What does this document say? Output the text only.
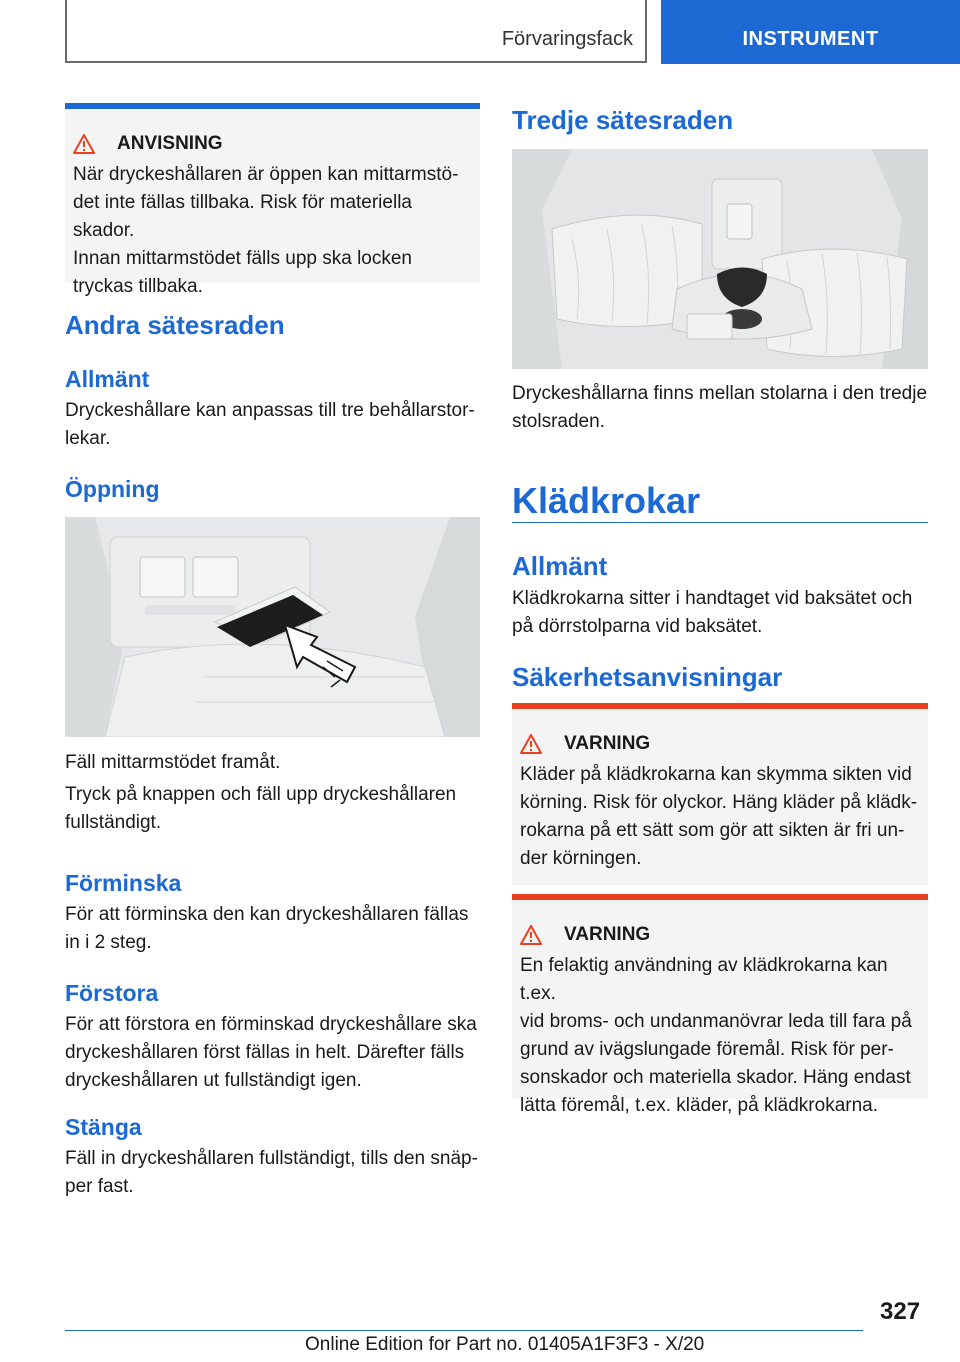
Förvaringsfack	INSTRUMENT
ANVISNING
När dryckeshållaren är öppen kan mittarmstö‐
det inte fällas tillbaka. Risk för materiella skador.
Innan mittarmstödet fälls upp ska locken
tryckas tillbaka.
Andra sätesraden
Allmänt
Dryckeshållare kan anpassas till tre behållarstor‐
lekar.
Öppning
Fäll mittarmstödet framåt.
Tryck på knappen och fäll upp dryckeshållaren
fullständigt.
Förminska
För att förminska den kan dryckeshållaren fällas
in i 2 steg.
Förstora
För att förstora en förminskad dryckeshållare ska
dryckeshållaren först fällas in helt. Därefter fälls
dryckeshållaren ut fullständigt igen.
Stänga
Fäll in dryckeshållaren fullständigt, tills den snäp‐
per fast.
Tredje sätesraden
Dryckeshållarna finns mellan stolarna i den tredje
stolsraden.
Klädkrokar
Allmänt
Klädkrokarna sitter i handtaget vid baksätet och
på dörrstolparna vid baksätet.
Säkerhetsanvisningar
VARNING
Kläder på klädkrokarna kan skymma sikten vid
körning. Risk för olyckor. Häng kläder på klädk‐
rokarna på ett sätt som gör att sikten är fri un‐
der körningen.
VARNING
En felaktig användning av klädkrokarna kan t.ex.
vid broms- och undanmanövrar leda till fara på
grund av ivägslungade föremål. Risk för per‐
sonskador och materiella skador. Häng endast
lätta föremål, t.ex. kläder, på klädkrokarna.
327
Online Edition for Part no. 01405A1F3F3 - X/20
